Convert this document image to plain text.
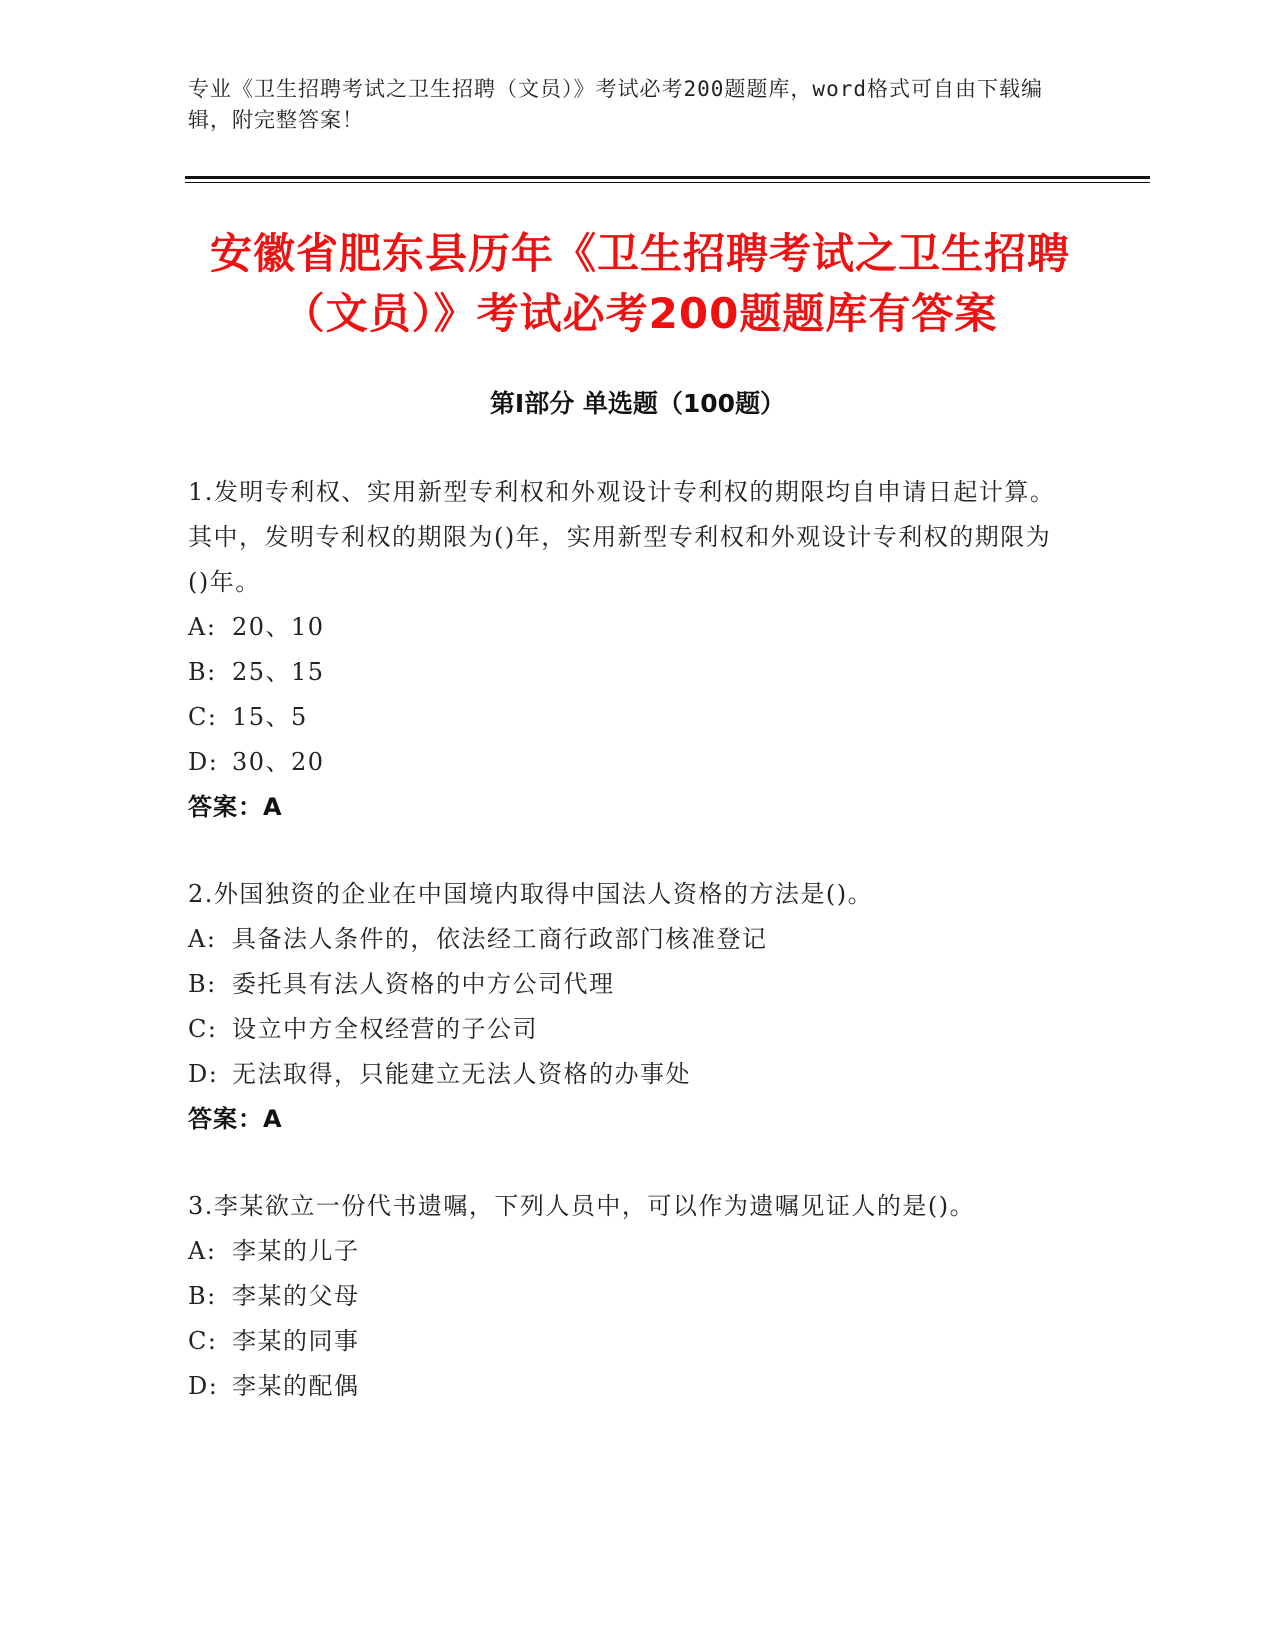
专业《卫生招聘考试之卫生招聘（文员）》考试必考200题题库，word格式可自由下载编辑，附完整答案！
安徽省肥东县历年《卫生招聘考试之卫生招聘（文员）》考试必考200题题库有答案
第I部分 单选题（100题）
1.发明专利权、实用新型专利权和外观设计专利权的期限均自申请日起计算。其中，发明专利权的期限为()年，实用新型专利权和外观设计专利权的期限为()年。
A: 20、10
B: 25、15
C: 15、5
D: 30、20
答案：A
2.外国独资的企业在中国境内取得中国法人资格的方法是()。
A: 具备法人条件的，依法经工商行政部门核准登记
B: 委托具有法人资格的中方公司代理
C: 设立中方全权经营的子公司
D: 无法取得，只能建立无法人资格的办事处
答案：A
3.李某欲立一份代书遗嘱，下列人员中，可以作为遗嘱见证人的是()。
A: 李某的儿子
B: 李某的父母
C: 李某的同事
D: 李某的配偶
